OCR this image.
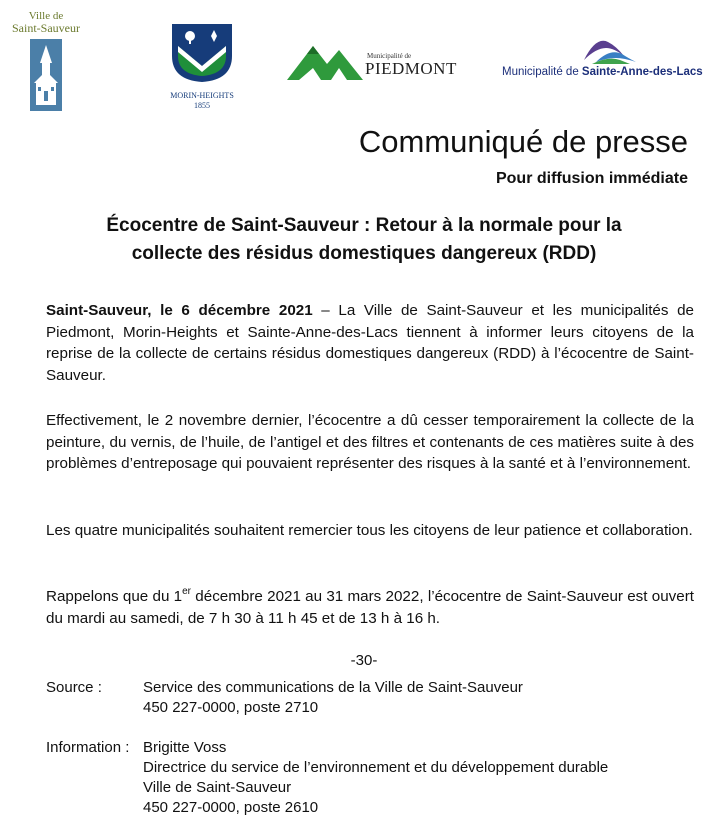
Ville de
Saint-Sauveur
MORIN-HEIGHTS
1855
Municipalité de
PIEDMONT	Municipalité de Sainte-Anne-des-Lacs
Communiqué de presse
Pour diffusion immédiate
Écocentre de Saint-Sauveur : Retour à la normale pour la
collecte des résidus domestiques dangereux (RDD)
Saint-Sauveur, le 6 décembre 2021 – La Ville de Saint-Sauveur et les municipalités de Piedmont, Morin-Heights et Sainte-Anne-des-Lacs tiennent à informer leurs citoyens de la reprise de la collecte de certains résidus domestiques dangereux (RDD) à l’écocentre de Saint-Sauveur.
Effectivement, le 2 novembre dernier, l’écocentre a dû cesser temporairement la collecte de la peinture, du vernis, de l’huile, de l’antigel et des filtres et contenants de ces matières suite à des problèmes d’entreposage qui pouvaient représenter des risques à la santé et à l’environnement.
Les quatre municipalités souhaitent remercier tous les citoyens de leur patience et collaboration.
Rappelons que du 1er décembre 2021 au 31 mars 2022, l’écocentre de Saint-Sauveur est ouvert du mardi au samedi, de 7 h 30 à 11 h 45 et de 13 h à 16 h.
-30-
Source :	Service des communications de la Ville de Saint-Sauveur
450 227-0000, poste 2710
Information : Brigitte Voss
Directrice du service de l’environnement et du développement durable
Ville de Saint-Sauveur
450 227-0000, poste 2610
